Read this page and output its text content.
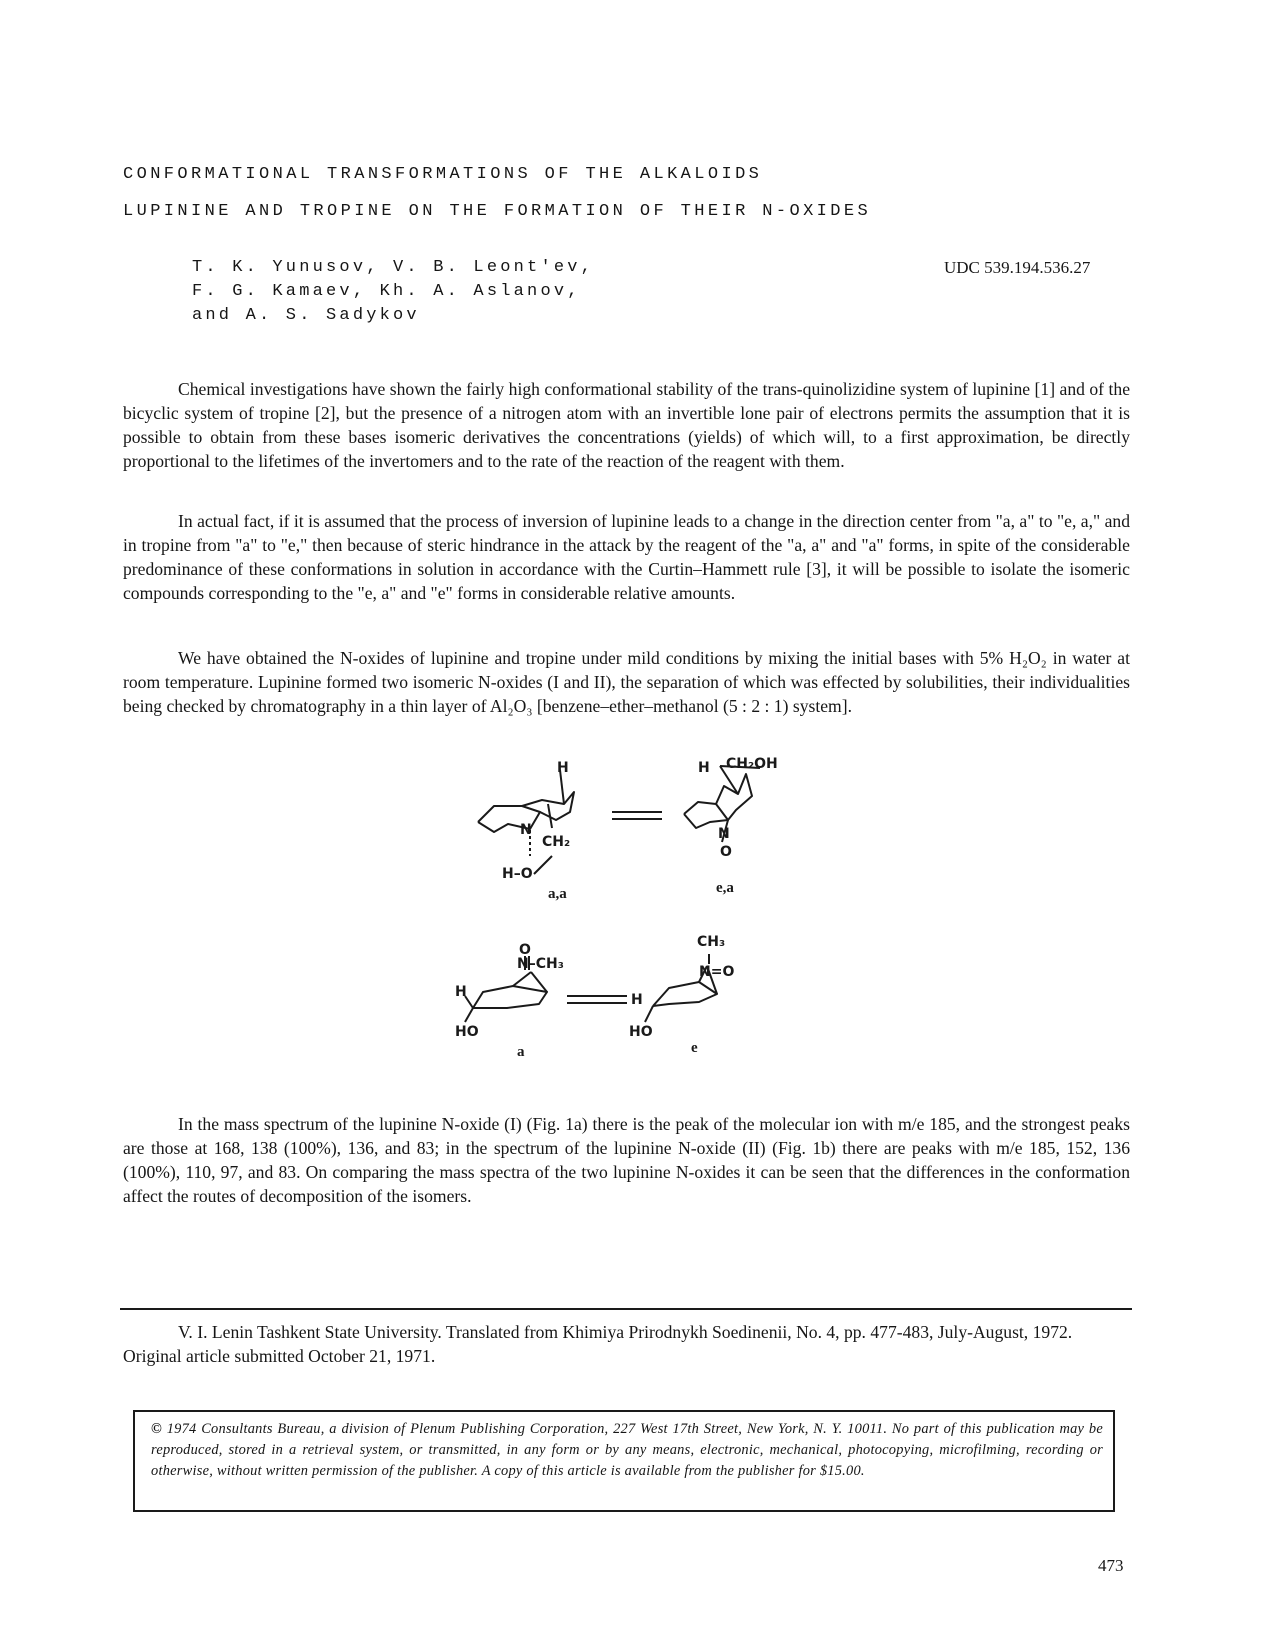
CONFORMATIONAL TRANSFORMATIONS OF THE ALKALOIDS
LUPININE AND TROPINE ON THE FORMATION OF THEIR N-OXIDES
T. K. Yunusov, V. B. Leont'ev,
F. G. Kamaev, Kh. A. Aslanov,
and A. S. Sadykov
UDC 539.194.536.27

Chemical investigations have shown the fairly high conformational stability of the trans-quinolizidine system of lupinine [1] and of the bicyclic system of tropine [2], but the presence of a nitrogen atom with an invertible lone pair of electrons permits the assumption that it is possible to obtain from these bases isomeric derivatives the concentrations (yields) of which will, to a first approximation, be directly proportional to the lifetimes of the invertomers and to the rate of the reaction of the reagent with them.

In actual fact, if it is assumed that the process of inversion of lupinine leads to a change in the direction center from "a, a" to "e, a," and in tropine from "a" to "e," then because of steric hindrance in the attack by the reagent of the "a, a" and "a" forms, in spite of the considerable predominance of these conformations in solution in accordance with the Curtin–Hammett rule [3], it will be possible to isolate the isomeric compounds corresponding to the "e, a" and "e" forms in considerable relative amounts.

We have obtained the N-oxides of lupinine and tropine under mild conditions by mixing the initial bases with 5% H₂O₂ in water at room temperature. Lupinine formed two isomeric N-oxides (I and II), the separation of which was effected by solubilities, their individualities being checked by chromatography in a thin layer of Al₂O₃ [benzene–ether–methanol (5 : 2 : 1) system].

H
N
CH₂
H–O
H CH₂OH
N
O
a,a	e,a
O
N–CH₃
H
HO
CH₃
N=O
H
HO
a	e

In the mass spectrum of the lupinine N-oxide (I) (Fig. 1a) there is the peak of the molecular ion with m/e 185, and the strongest peaks are those at 168, 138 (100%), 136, and 83; in the spectrum of the lupinine N-oxide (II) (Fig. 1b) there are peaks with m/e 185, 152, 136 (100%), 110, 97, and 83. On comparing the mass spectra of the two lupinine N-oxides it can be seen that the differences in the conformation affect the routes of decomposition of the isomers.

V. I. Lenin Tashkent State University. Translated from Khimiya Prirodnykh Soedinenii, No. 4, pp. 477-483, July-August, 1972. Original article submitted October 21, 1971.

© 1974 Consultants Bureau, a division of Plenum Publishing Corporation, 227 West 17th Street, New York, N. Y. 10011. No part of this publication may be reproduced, stored in a retrieval system, or transmitted, in any form or by any means, electronic, mechanical, photocopying, microfilming, recording or otherwise, without written permission of the publisher. A copy of this article is available from the publisher for $15.00.
473
